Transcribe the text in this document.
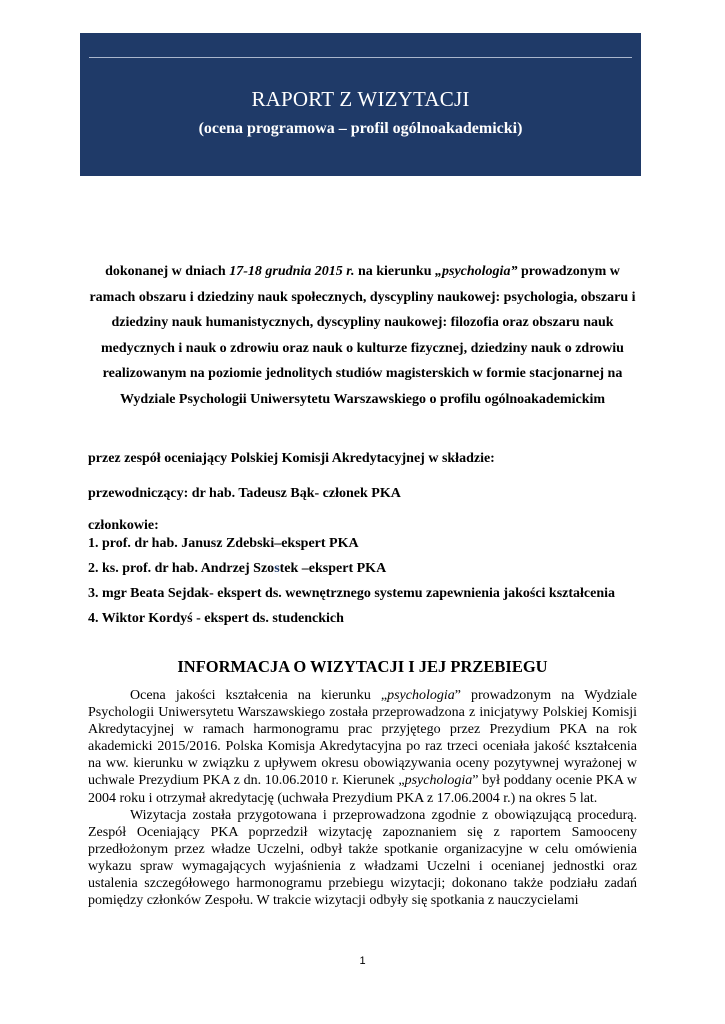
RAPORT Z WIZYTACJI
(ocena programowa – profil ogólnoakademicki)
dokonanej w dniach 17-18 grudnia 2015 r. na kierunku „psychologia” prowadzonym w ramach obszaru i dziedziny nauk społecznych, dyscypliny naukowej: psychologia, obszaru i dziedziny nauk humanistycznych, dyscypliny naukowej: filozofia oraz obszaru nauk medycznych i nauk o zdrowiu oraz nauk o kulturze fizycznej, dziedziny nauk o zdrowiu realizowanym na poziomie jednolitych studiów magisterskich w formie stacjonarnej na Wydziale Psychologii Uniwersytetu Warszawskiego o profilu ogólnoakademickim
przez zespół oceniający Polskiej Komisji Akredytacyjnej w składzie:
przewodniczący: dr hab. Tadeusz Bąk- członek PKA
członkowie:
1. prof. dr hab. Janusz Zdebski–ekspert PKA
2. ks. prof. dr hab. Andrzej Szostek –ekspert PKA
3. mgr Beata Sejdak- ekspert ds. wewnętrznego systemu zapewnienia jakości kształcenia
4. Wiktor Kordyś - ekspert ds. studenckich
INFORMACJA O WIZYTACJI I JEJ PRZEBIEGU

Ocena jakości kształcenia na kierunku „psychologia” prowadzonym na Wydziale Psychologii Uniwersytetu Warszawskiego została przeprowadzona z inicjatywy Polskiej Komisji Akredytacyjnej w ramach harmonogramu prac przyjętego przez Prezydium PKA na rok akademicki 2015/2016. Polska Komisja Akredytacyjna po raz trzeci oceniała jakość kształcenia na ww. kierunku w związku z upływem okresu obowiązywania oceny pozytywnej wyrażonej w uchwale Prezydium PKA z dn. 10.06.2010 r. Kierunek „psychologia” był poddany ocenie PKA w 2004 roku i otrzymał akredytację (uchwała Prezydium PKA z 17.06.2004 r.) na okres 5 lat.

Wizytacja została przygotowana i przeprowadzona zgodnie z obowiązującą procedurą. Zespół Oceniający PKA poprzedził wizytację zapoznaniem się z raportem Samooceny przedłożonym przez władze Uczelni, odbył także spotkanie organizacyjne w celu omówienia wykazu spraw wymagających wyjaśnienia z władzami Uczelni i ocenianej jednostki oraz ustalenia szczegółowego harmonogramu przebiegu wizytacji; dokonano także podziału zadań pomiędzy członków Zespołu. W trakcie wizytacji odbyły się spotkania z nauczycielami

1
